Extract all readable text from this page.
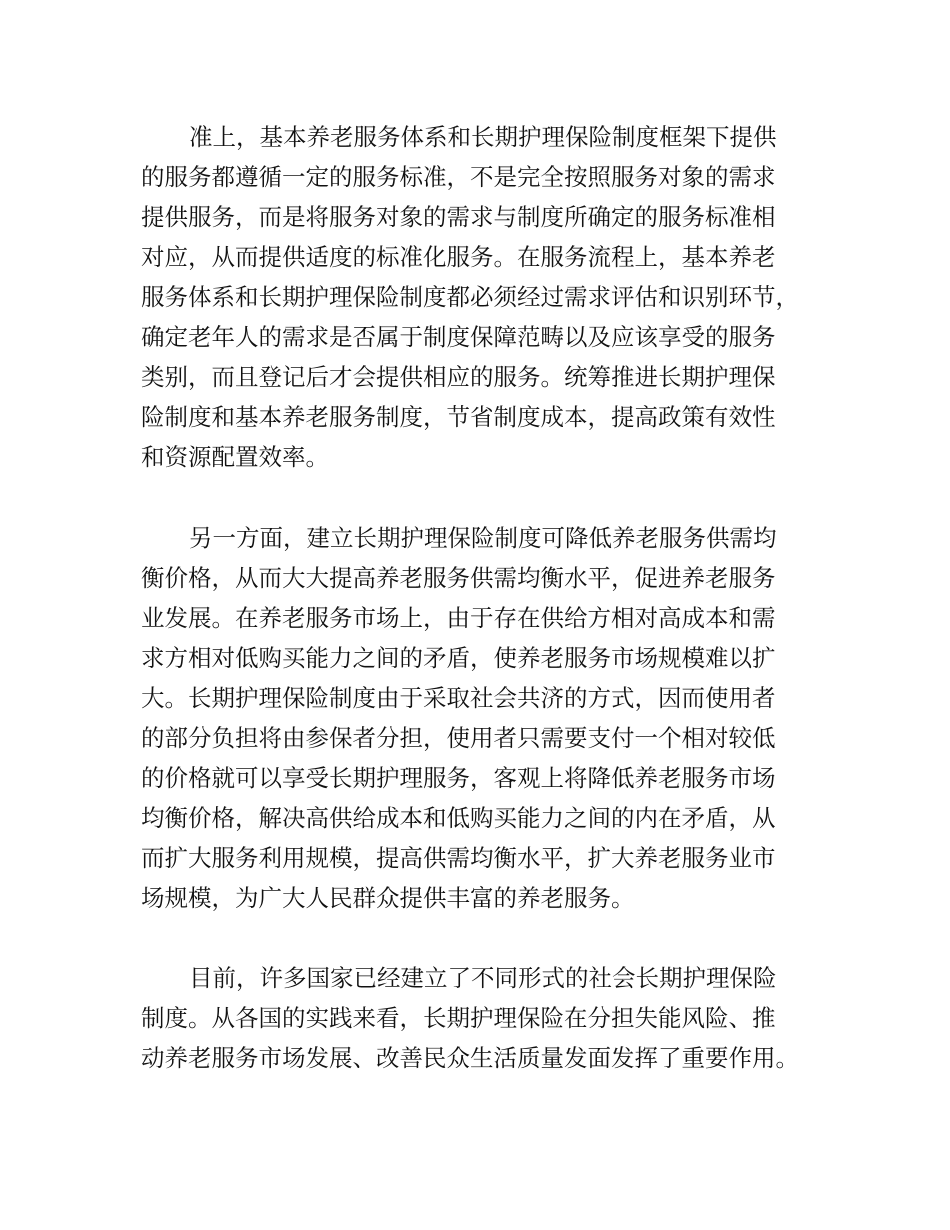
准上，基本养老服务体系和长期护理保险制度框架下提供
的服务都遵循一定的服务标准，不是完全按照服务对象的需求
提供服务，而是将服务对象的需求与制度所确定的服务标准相
对应，从而提供适度的标准化服务。在服务流程上，基本养老
服务体系和长期护理保险制度都必须经过需求评估和识别环节，
确定老年人的需求是否属于制度保障范畴以及应该享受的服务
类别，而且登记后才会提供相应的服务。统筹推进长期护理保
险制度和基本养老服务制度，节省制度成本，提高政策有效性
和资源配置效率。
另一方面，建立长期护理保险制度可降低养老服务供需均
衡价格，从而大大提高养老服务供需均衡水平，促进养老服务
业发展。在养老服务市场上，由于存在供给方相对高成本和需
求方相对低购买能力之间的矛盾，使养老服务市场规模难以扩
大。长期护理保险制度由于采取社会共济的方式，因而使用者
的部分负担将由参保者分担，使用者只需要支付一个相对较低
的价格就可以享受长期护理服务，客观上将降低养老服务市场
均衡价格，解决高供给成本和低购买能力之间的内在矛盾，从
而扩大服务利用规模，提高供需均衡水平，扩大养老服务业市
场规模，为广大人民群众提供丰富的养老服务。
目前，许多国家已经建立了不同形式的社会长期护理保险
制度。从各国的实践来看，长期护理保险在分担失能风险、推
动养老服务市场发展、改善民众生活质量发面发挥了重要作用。
